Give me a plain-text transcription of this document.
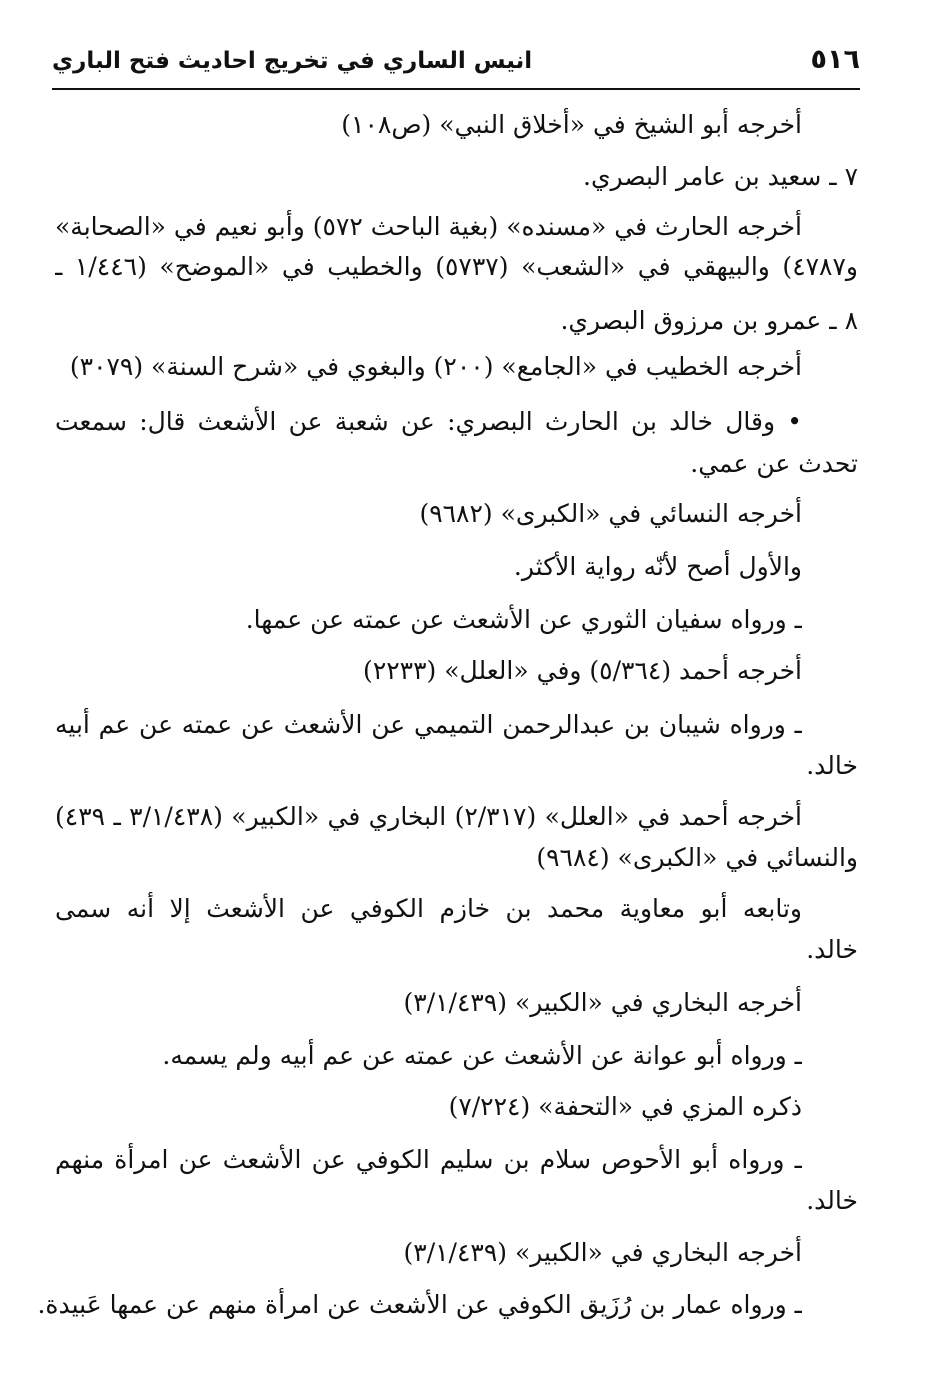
٥١٦
انيس الساري في تخريج احاديث فتح الباري
أخرجه أبو الشيخ في «أخلاق النبي» (ص١٠٨)
٧ ـ سعيد بن عامر البصري.
أخرجه الحارث في «مسنده» (بغية الباحث ٥٧٢) وأبو نعيم في «الصحابة»
و٤٧٨٧) والبيهقي في «الشعب» (٥٧٣٧) والخطيب في «الموضح» (١/٤٤٦ ـ
٨ ـ عمرو بن مرزوق البصري.
أخرجه الخطيب في «الجامع» (٢٠٠) والبغوي في «شرح السنة» (٣٠٧٩)
• وقال خالد بن الحارث البصري: عن شعبة عن الأشعث قال: سمعت
تحدث عن عمي.
أخرجه النسائي في «الكبرى» (٩٦٨٢)
والأول أصح لأنّه رواية الأكثر.
ـ ورواه سفيان الثوري عن الأشعث عن عمته عن عمها.
أخرجه أحمد (٥/٣٦٤) وفي «العلل» (٢٢٣٣)
ـ ورواه شيبان بن عبدالرحمن التميمي عن الأشعث عن عمته عن عم أبيه
خالد.
أخرجه أحمد في «العلل» (٢/٣١٧) البخاري في «الكبير» (٣/١/٤٣٨ ـ ٤٣٩)
والنسائي في «الكبرى» (٩٦٨٤)
وتابعه أبو معاوية محمد بن خازم الكوفي عن الأشعث إلا أنه سمى
خالد.
أخرجه البخاري في «الكبير» (٣/١/٤٣٩)
ـ ورواه أبو عوانة عن الأشعث عن عمته عن عم أبيه ولم يسمه.
ذكره المزي في «التحفة» (٧/٢٢٤)
ـ ورواه أبو الأحوص سلام بن سليم الكوفي عن الأشعث عن امرأة منهم
خالد.
أخرجه البخاري في «الكبير» (٣/١/٤٣٩)
ـ ورواه عمار بن رُزَيق الكوفي عن الأشعث عن امرأة منهم عن عمها عَبيدة.
